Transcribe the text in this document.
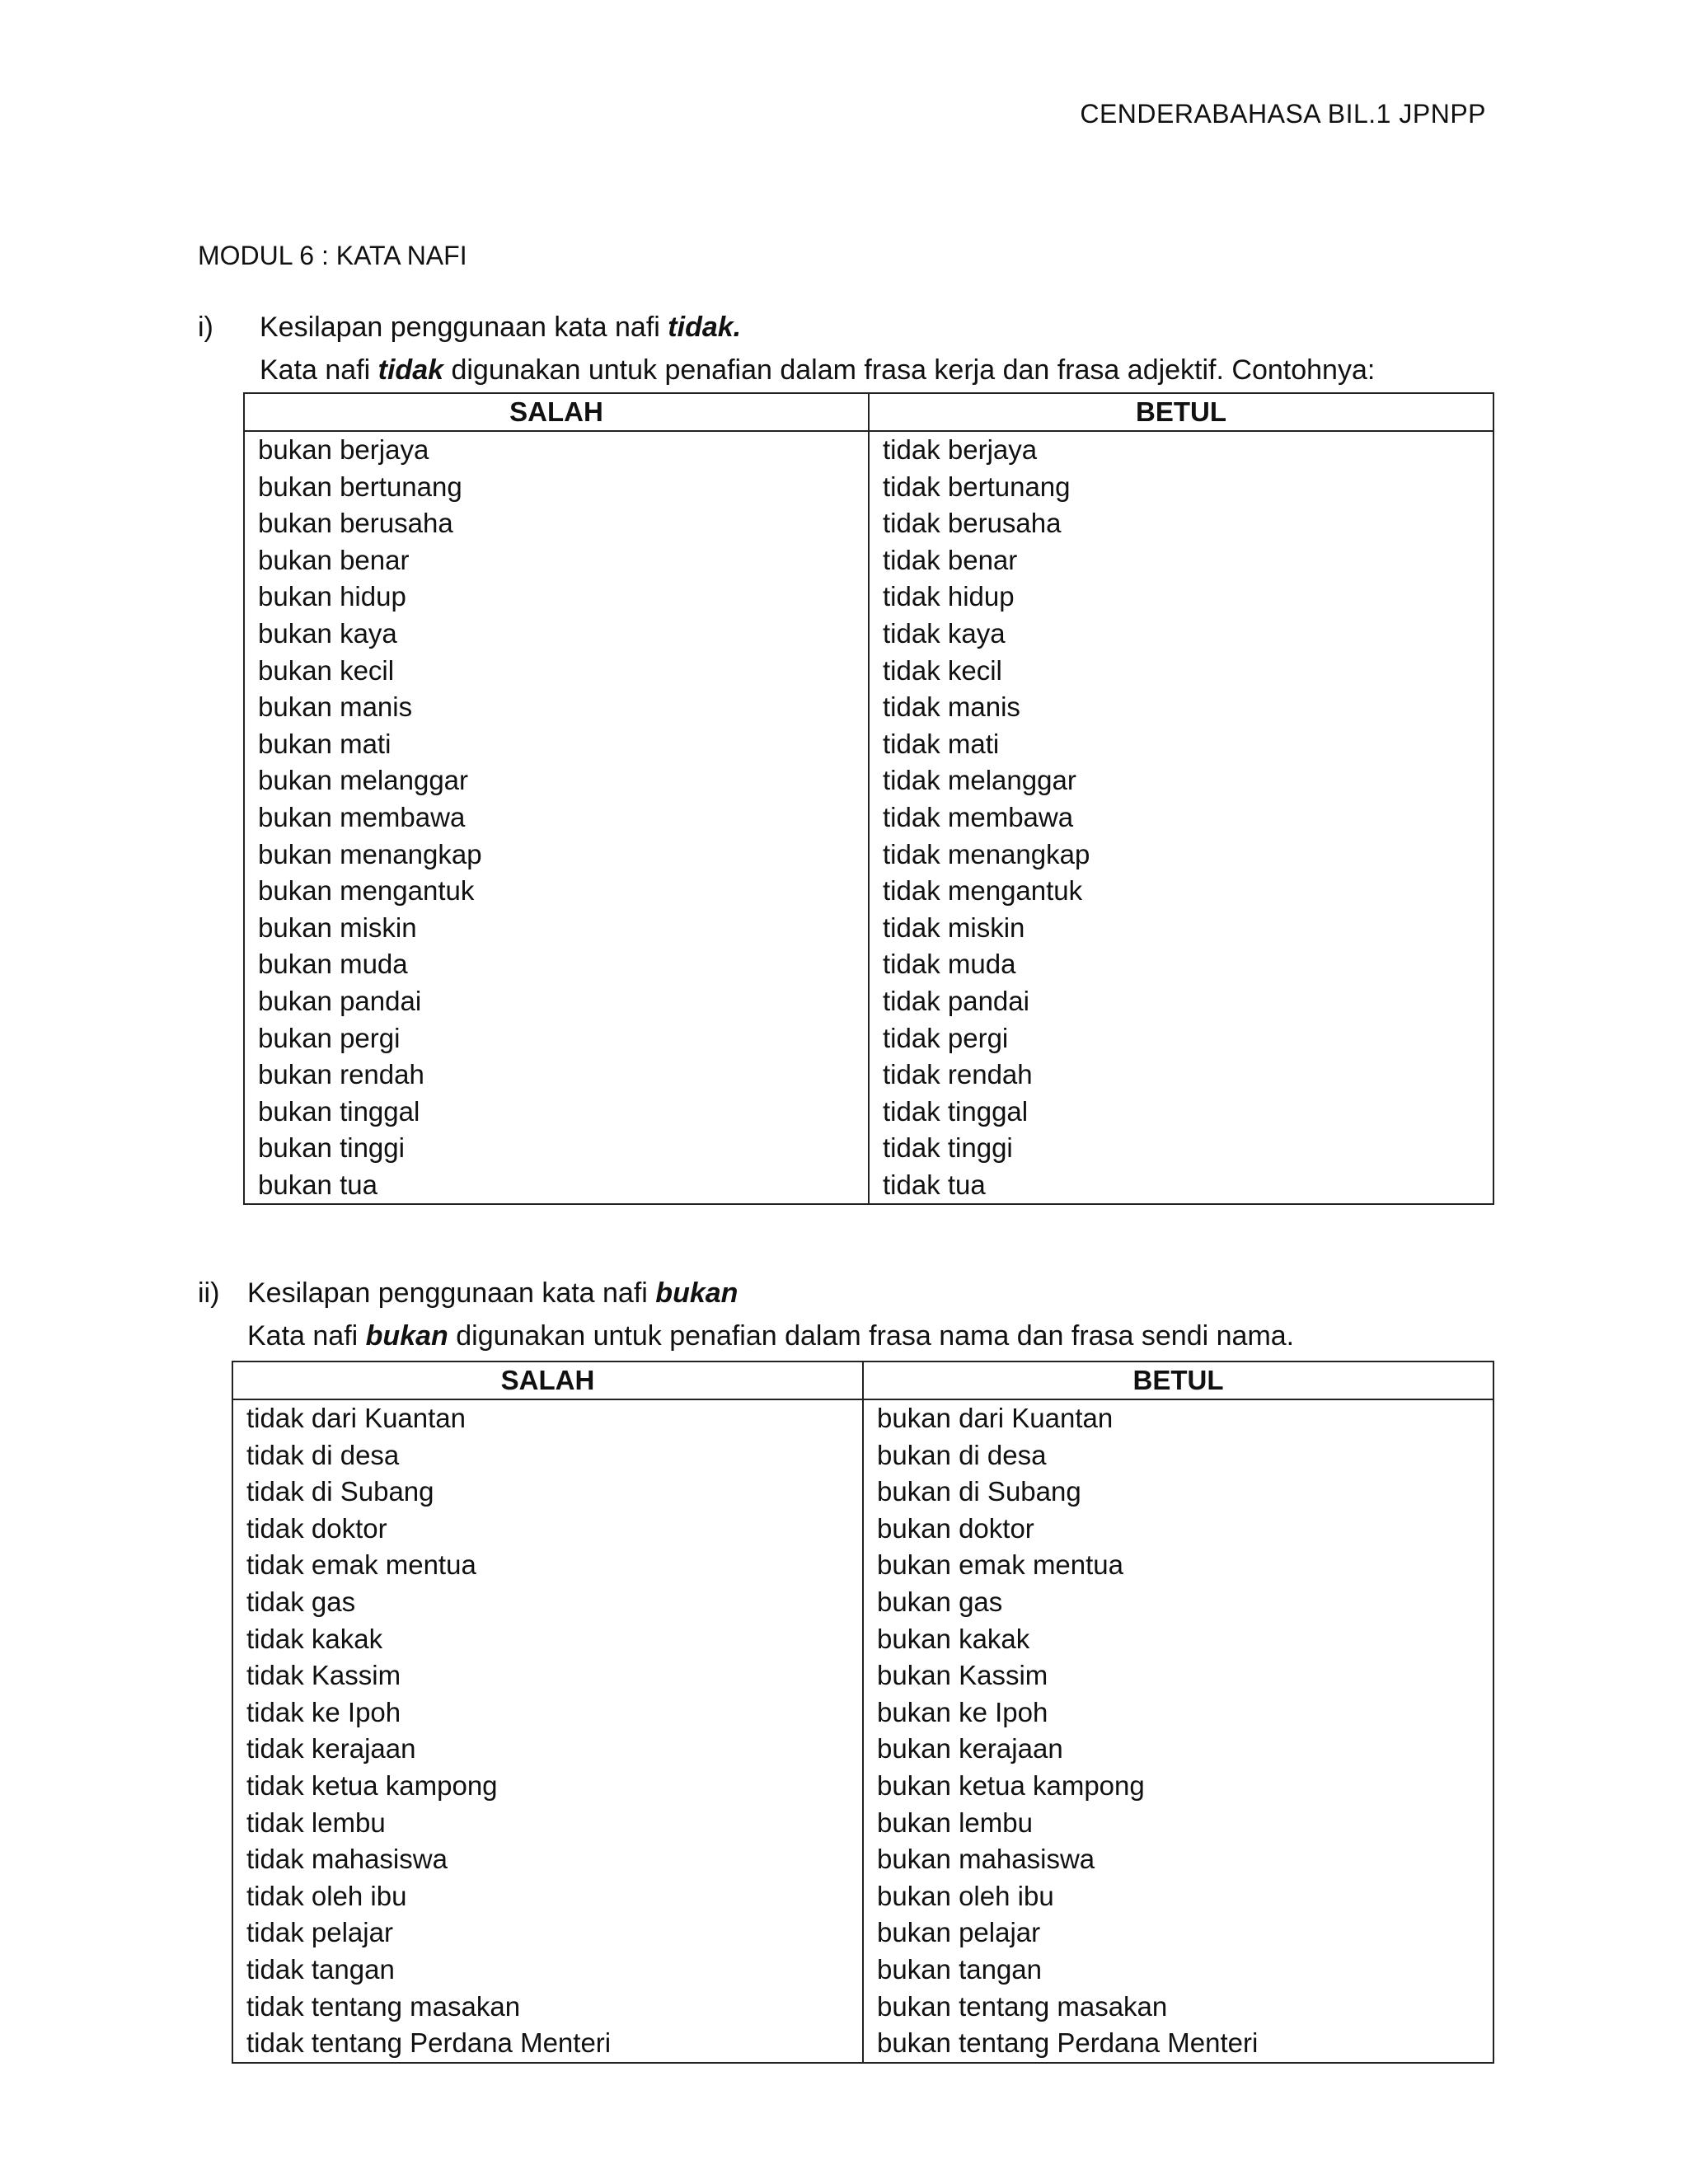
CENDERABAHASA BIL.1 JPNPP
MODUL 6 : KATA NAFI
i) Kesilapan penggunaan kata nafi tidak.
Kata nafi tidak digunakan untuk penafian dalam frasa kerja dan frasa adjektif. Contohnya:
SALAH	BETUL
bukan berjaya	tidak berjaya
bukan bertunang	tidak bertunang
bukan berusaha	tidak berusaha
bukan benar	tidak benar
bukan hidup	tidak hidup
bukan kaya	tidak kaya
bukan kecil	tidak kecil
bukan manis	tidak manis
bukan mati	tidak mati
bukan melanggar	tidak melanggar
bukan membawa	tidak membawa
bukan menangkap	tidak menangkap
bukan mengantuk	tidak mengantuk
bukan miskin	tidak miskin
bukan muda	tidak muda
bukan pandai	tidak pandai
bukan pergi	tidak pergi
bukan rendah	tidak rendah
bukan tinggal	tidak tinggal
bukan tinggi	tidak tinggi
bukan tua	tidak tua
ii) Kesilapan penggunaan kata nafi bukan
Kata nafi bukan digunakan untuk penafian dalam frasa nama dan frasa sendi nama.
SALAH	BETUL
tidak dari Kuantan	bukan dari Kuantan
tidak di desa	bukan di desa
tidak di Subang	bukan di Subang
tidak doktor	bukan doktor
tidak emak mentua	bukan emak mentua
tidak gas	bukan gas
tidak kakak	bukan kakak
tidak Kassim	bukan Kassim
tidak ke Ipoh	bukan ke Ipoh
tidak kerajaan	bukan kerajaan
tidak ketua kampong	bukan ketua kampong
tidak lembu	bukan lembu
tidak mahasiswa	bukan mahasiswa
tidak oleh ibu	bukan oleh ibu
tidak pelajar	bukan pelajar
tidak tangan	bukan tangan
tidak tentang masakan	bukan tentang masakan
tidak tentang Perdana Menteri	bukan tentang Perdana Menteri
